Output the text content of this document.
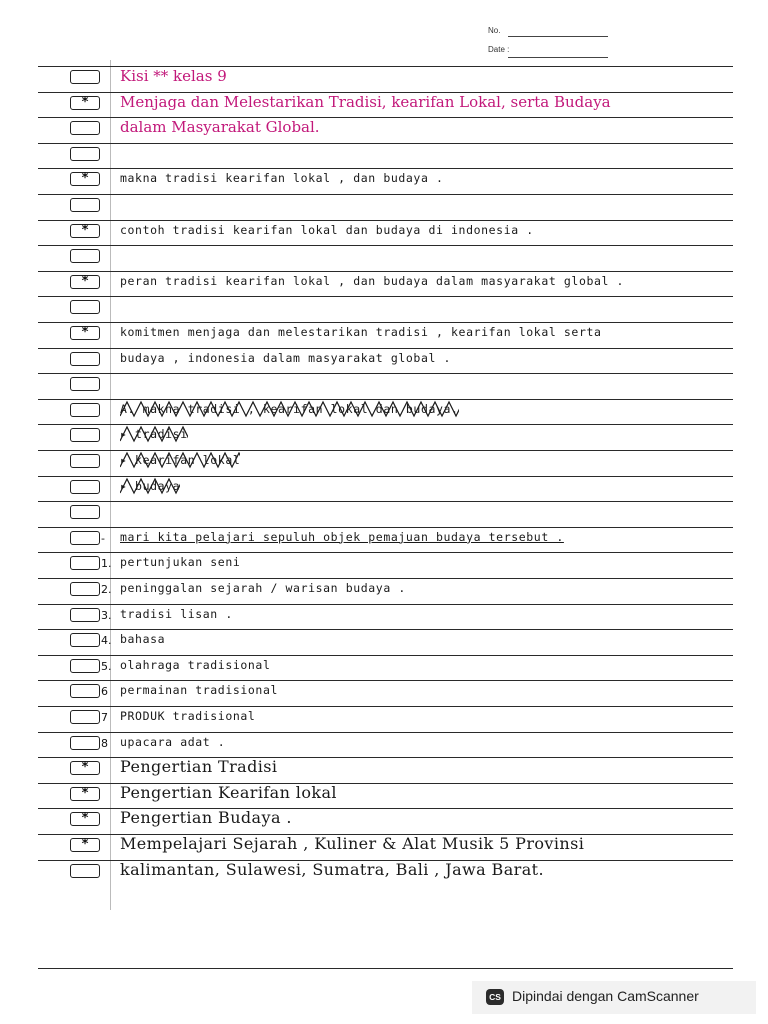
No.
Date :
Kisi ** kelas 9
*	Menjaga dan Melestarikan Tradisi, kearifan Lokal, serta Budaya
dalam Masyarakat Global.
*	makna tradisi kearifan lokal , dan budaya .
*	contoh tradisi kearifan lokal dan budaya di indonesia .
*	peran tradisi kearifan lokal , dan budaya dalam masyarakat global .
*	komitmen menjaga dan melestarikan tradisi , kearifan lokal serta
budaya , indonesia dalam masyarakat global .
A. makna tradisi , kearifan lokal dan budaya.
▸ tradisi
▸ kearifan lokal
▸ budaya
- mari kita pelajari sepuluh objek pemajuan budaya tersebut .
1. pertunjukan seni
2. peninggalan sejarah / warisan budaya .
3. tradisi lisan .
4. bahasa
5. olahraga tradisional
6 permainan tradisional
7 PRODUK tradisional
8 upacara adat .
*	Pengertian Tradisi
*	Pengertian Kearifan lokal
*	Pengertian Budaya .
*	Mempelajari Sejarah , Kuliner & Alat Musik 5 Provinsi
kalimantan, Sulawesi, Sumatra, Bali , Jawa Barat.
CS Dipindai dengan CamScanner
